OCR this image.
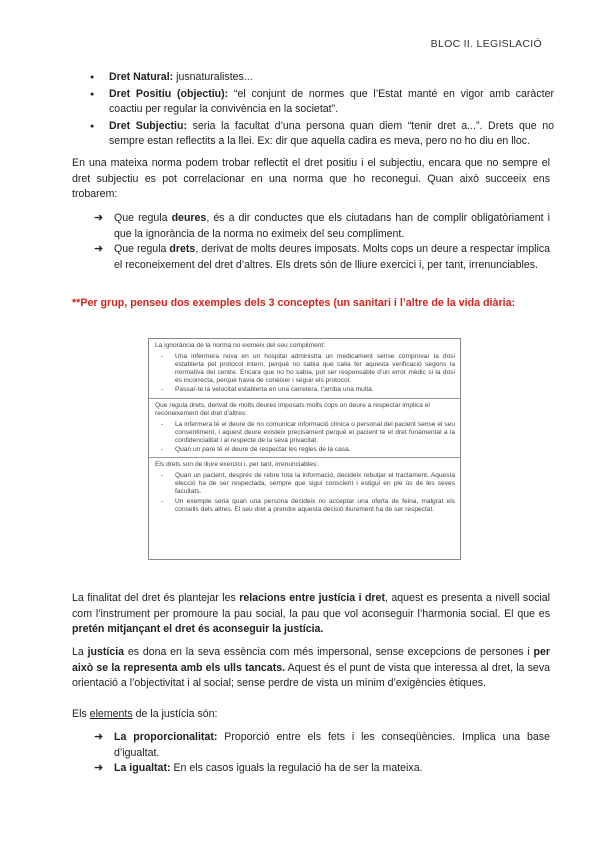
BLOC II. LEGISLACIÓ
● Dret Natural: jusnaturalistes...
● Dret Positiu (objectiu): “el conjunt de normes que l’Estat manté en vigor amb caràcter coactiu per regular la convivència en la societat”.
● Dret Subjectiu: seria la facultat d’una persona quan diem “tenir dret a...”. Drets que no sempre estan reflectits a la llei. Ex: dir que aquella cadira es meva, pero no ho diu en lloc.

En una mateixa norma podem trobar reflectit el dret positiu i el subjectiu, encara que no sempre el dret subjectiu es pot correlacionar en una norma que ho reconegui. Quan això succeeix ens trobarem:

➜ Que regula deures, és a dir conductes que els ciutadans han de complir obligatòriament i que la ignorància de la norma no eximeix del seu compliment.
➜ Que regula drets, derivat de molts deures imposats. Molts cops un deure a respectar implica el reconeixement del dret d’altres. Els drets són de lliure exercici i, per tant, irrenunciables.
**Per grup, penseu dos exemples dels 3 conceptes (un sanitari i l’altre de la vida diària:
La ignorància de la norma no eximeix del seu compliment:
- Una infermera nova en un hospital administra un medicament sense comprovar la dosi establerta pel protocol intern, perquè no sabia que calia fer aquesta verificació segons la normativa del centre. Encara que no ho sabia, pot ser responsable d’un error mèdic si la dosi és incorrecta, perquè havia de conèixer i seguir els protocol.
- Passar-te la velocitat establerta en una carretera, t’arriba una multa.
Que regula drets, derivat de molts deures imposats molts cops un deure a respectar implica el reconeixement del dret d’altres:
- La infermera té el deure de no comunicar informació clínica o personal del pacient sense el seu consentiment, i aquest deure existeix precisament perquè el pacient té el dret fonamental a la confidencialitat i al respecte de la seva privacitat.
- Quan un pare té el deure de respectar les regles de la casa.
Els drets son de lliure exercici i, per tant, irrenunciables:
- Quan un pacient, després de rebre tota la informació, decideix rebutjar el tractament. Aquesta elecció ha de ser respectada, sempre que sigui conscient i estigui en ple ús de les seves facultats.
- Un exemple seria quan una persona decideix no acceptar una oferta de feina, malgrat els consells dels altres. El seu dret a prendre aquesta decisió lliurement ha de ser respectat.

La finalitat del dret és plantejar les relacions entre justícia i dret, aquest es presenta a nivell social com l’instrument per promoure la pau social, la pau que vol aconseguir l’harmonia social. El que es pretén mitjançant el dret és aconseguir la justícia.

La justícia es dona en la seva essència com més impersonal, sense excepcions de persones i per això se la representa amb els ulls tancats. Aquest és el punt de vista que interessa al dret, la seva orientació a l’objectivitat i al social; sense perdre de vista un mínim d’exigències ètiques.

Els elements de la justícia són:

➜ La proporcionalitat: Proporció entre els fets i les conseqüències. Implica una base d’igualtat.
➜ La igualtat: En els casos iguals la regulació ha de ser la mateixa.
